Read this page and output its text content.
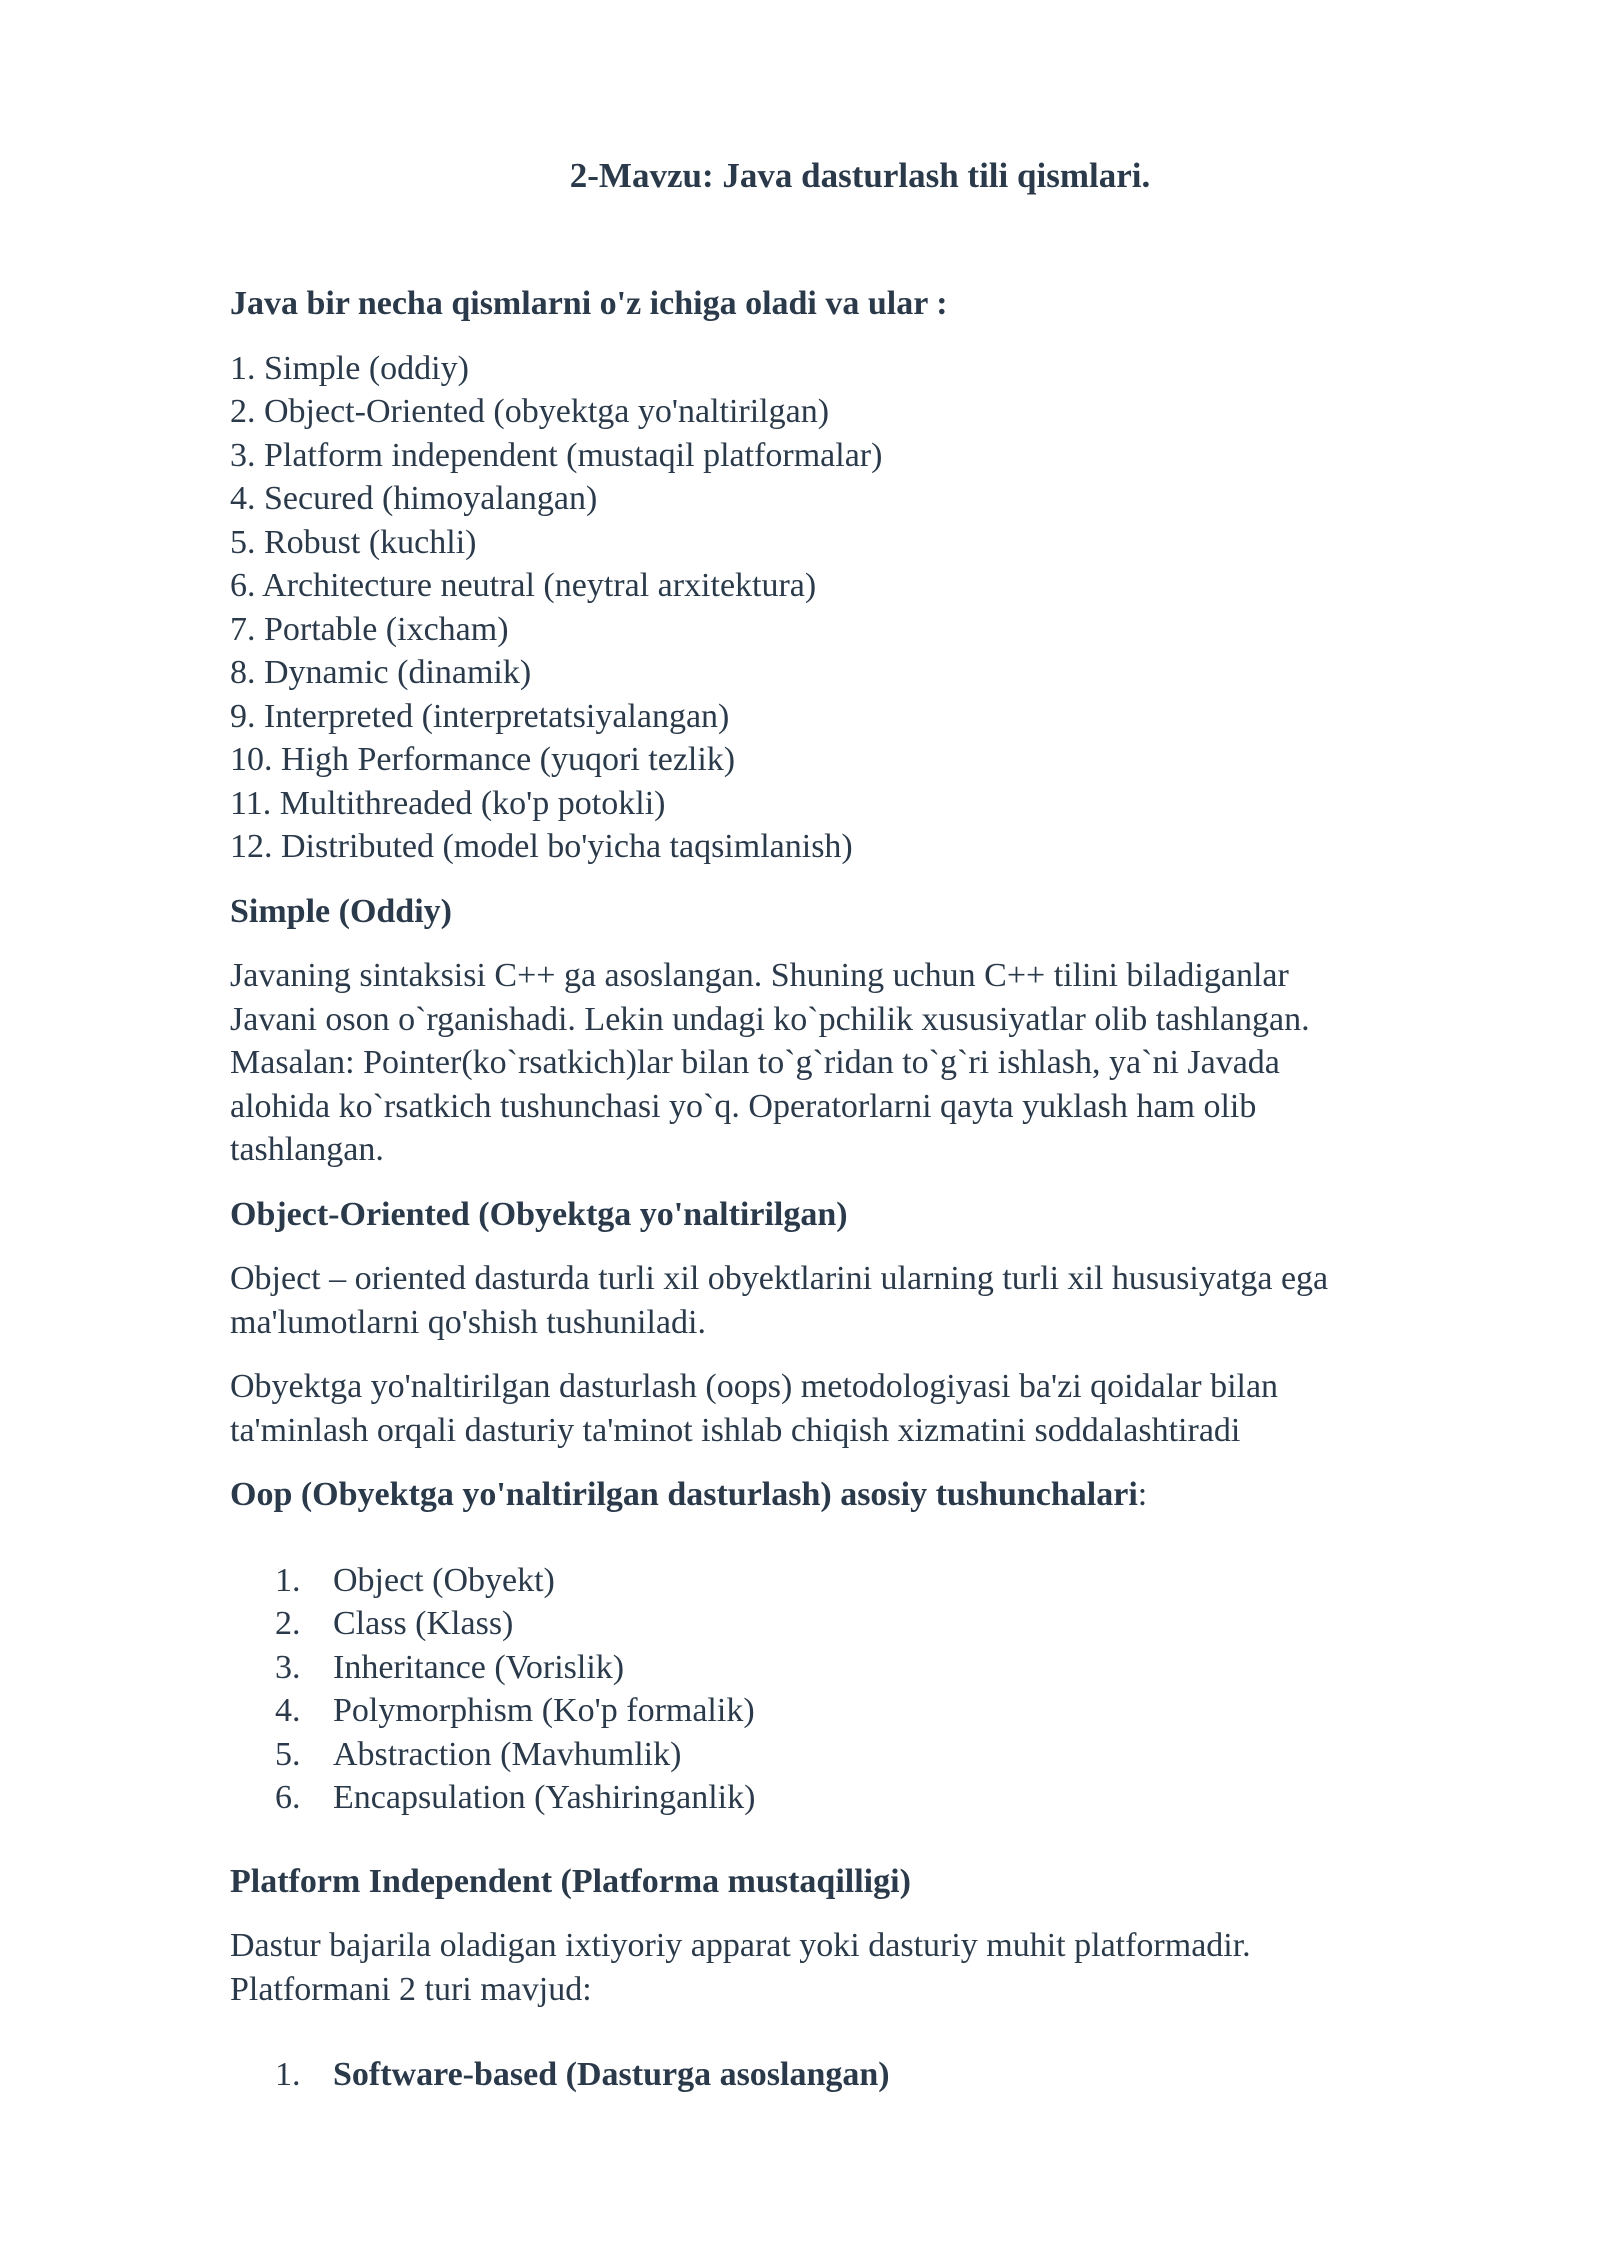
2-Mavzu: Java dasturlash tili qismlari.

Java bir necha qismlarni o'z ichiga oladi va ular :

1. Simple (oddiy)
2. Object-Oriented (obyektga yo'naltirilgan)
3. Platform independent (mustaqil platformalar)
4. Secured (himoyalangan)
5. Robust (kuchli)
6. Architecture neutral (neytral arxitektura)
7. Portable (ixcham)
8. Dynamic (dinamik)
9. Interpreted (interpretatsiyalangan)
10. High Performance (yuqori tezlik)
11. Multithreaded (ko'p potokli)
12. Distributed (model bo'yicha taqsimlanish)

Simple (Oddiy)

Javaning sintaksisi C++ ga asoslangan. Shuning uchun C++ tilini biladiganlar
Javani oson o`rganishadi. Lekin undagi ko`pchilik xususiyatlar olib tashlangan.
Masalan: Pointer(ko`rsatkich)lar bilan to`g`ridan to`g`ri ishlash, ya`ni Javada
alohida ko`rsatkich tushunchasi yo`q. Operatorlarni qayta yuklash ham olib
tashlangan.

Object-Oriented (Obyektga yo'naltirilgan)

Object – oriented dasturda turli xil obyektlarini ularning turli xil hususiyatga ega
ma'lumotlarni qo'shish tushuniladi.
Obyektga yo'naltirilgan dasturlash (oops) metodologiyasi ba'zi qoidalar bilan
ta'minlash orqali dasturiy ta'minot ishlab chiqish xizmatini soddalashtiradi

Oop (Obyektga yo'naltirilgan dasturlash) asosiy tushunchalari:

1. Object (Obyekt)
2. Class (Klass)
3. Inheritance (Vorislik)
4. Polymorphism (Ko'p formalik)
5. Abstraction (Mavhumlik)
6. Encapsulation (Yashiringanlik)

Platform Independent (Platforma mustaqilligi)

Dastur bajarila oladigan ixtiyoriy apparat yoki dasturiy muhit platformadir.
Platformani 2 turi mavjud:
1. Software-based (Dasturga asoslangan)
